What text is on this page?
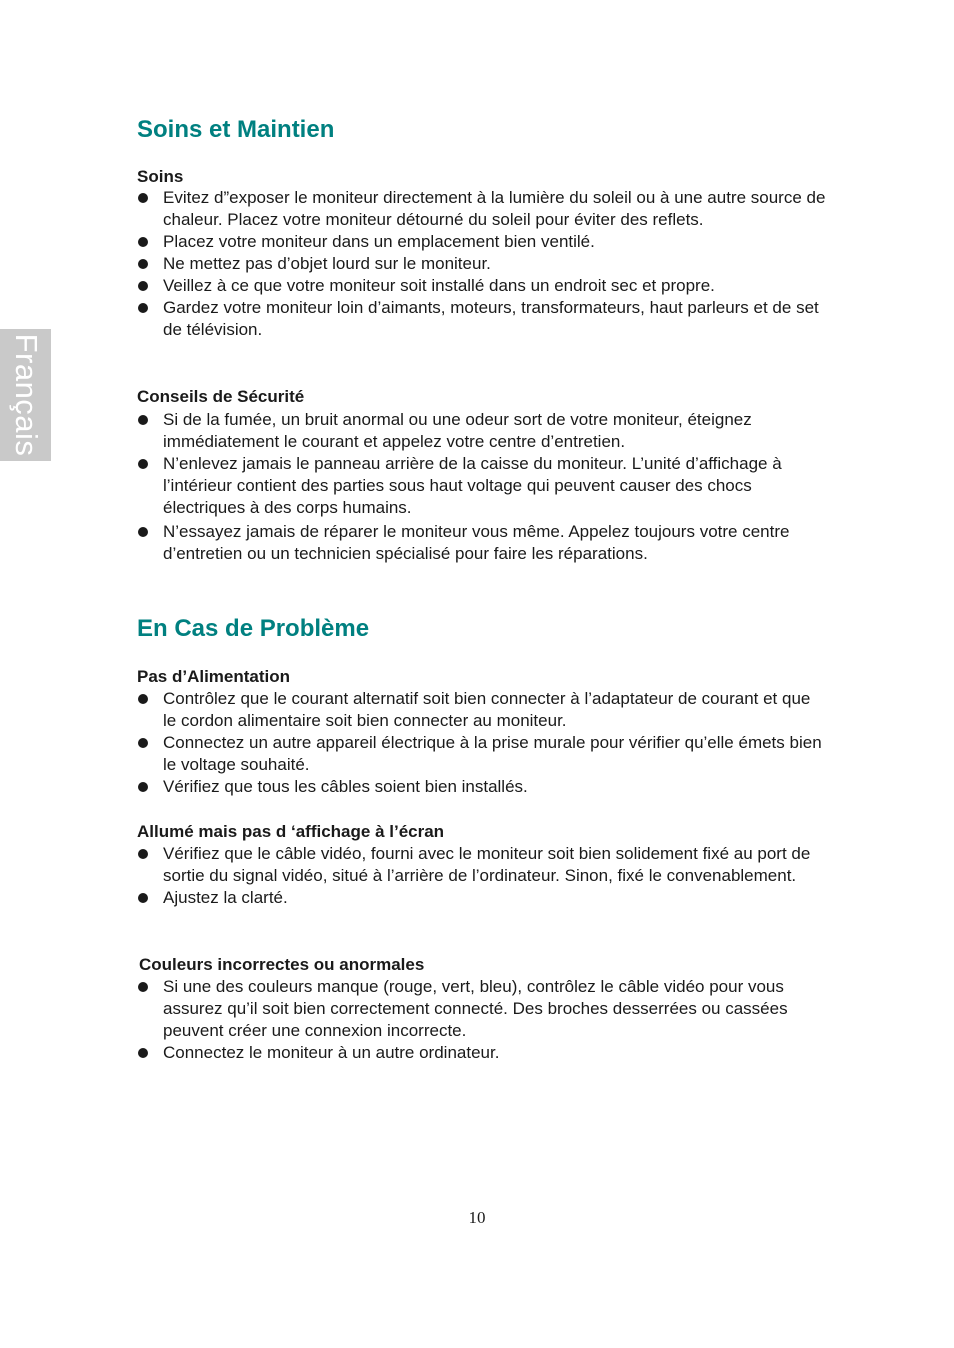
Français
Soins et Maintien
Soins
Evitez d”exposer le moniteur directement à la lumière du soleil ou à une autre source de chaleur. Placez votre moniteur détourné du soleil pour éviter des reflets.
Placez votre moniteur dans un emplacement bien ventilé.
Ne mettez pas d’objet lourd sur le moniteur.
Veillez à ce que votre moniteur soit installé dans un endroit sec et propre.
Gardez votre moniteur loin d’aimants, moteurs, transformateurs, haut parleurs et de set de télévision.
Conseils de Sécurité
Si de la fumée, un bruit anormal ou une odeur sort de votre moniteur, éteignez immédiatement le courant et appelez votre centre d’entretien.
N’enlevez jamais le panneau arrière de la caisse du moniteur. L’unité d’affichage à l’intérieur contient des parties sous haut voltage qui peuvent causer des chocs électriques à des corps humains.
N’essayez jamais de réparer le moniteur vous même. Appelez toujours votre centre d’entretien ou un technicien spécialisé pour faire les réparations.
En Cas de Problème
Pas d’Alimentation
Contrôlez que le courant alternatif soit bien connecter à l’adaptateur de courant et que le cordon alimentaire soit bien connecter au moniteur.
Connectez un autre appareil électrique à la prise murale pour vérifier qu’elle émets bien le voltage souhaité.
Vérifiez que tous les câbles soient bien installés.
Allumé mais pas d ‘affichage à l’écran
Vérifiez que le câble vidéo, fourni avec le moniteur soit bien solidement fixé au port de sortie du signal vidéo, situé à l’arrière de l’ordinateur. Sinon, fixé le convenablement.
Ajustez la clarté.
Couleurs incorrectes ou anormales
Si une des couleurs manque (rouge, vert, bleu), contrôlez le câble vidéo pour vous assurez qu’il soit bien correctement connecté. Des broches desserrées ou cassées peuvent créer une connexion incorrecte.
Connectez le moniteur à un autre ordinateur.
10
